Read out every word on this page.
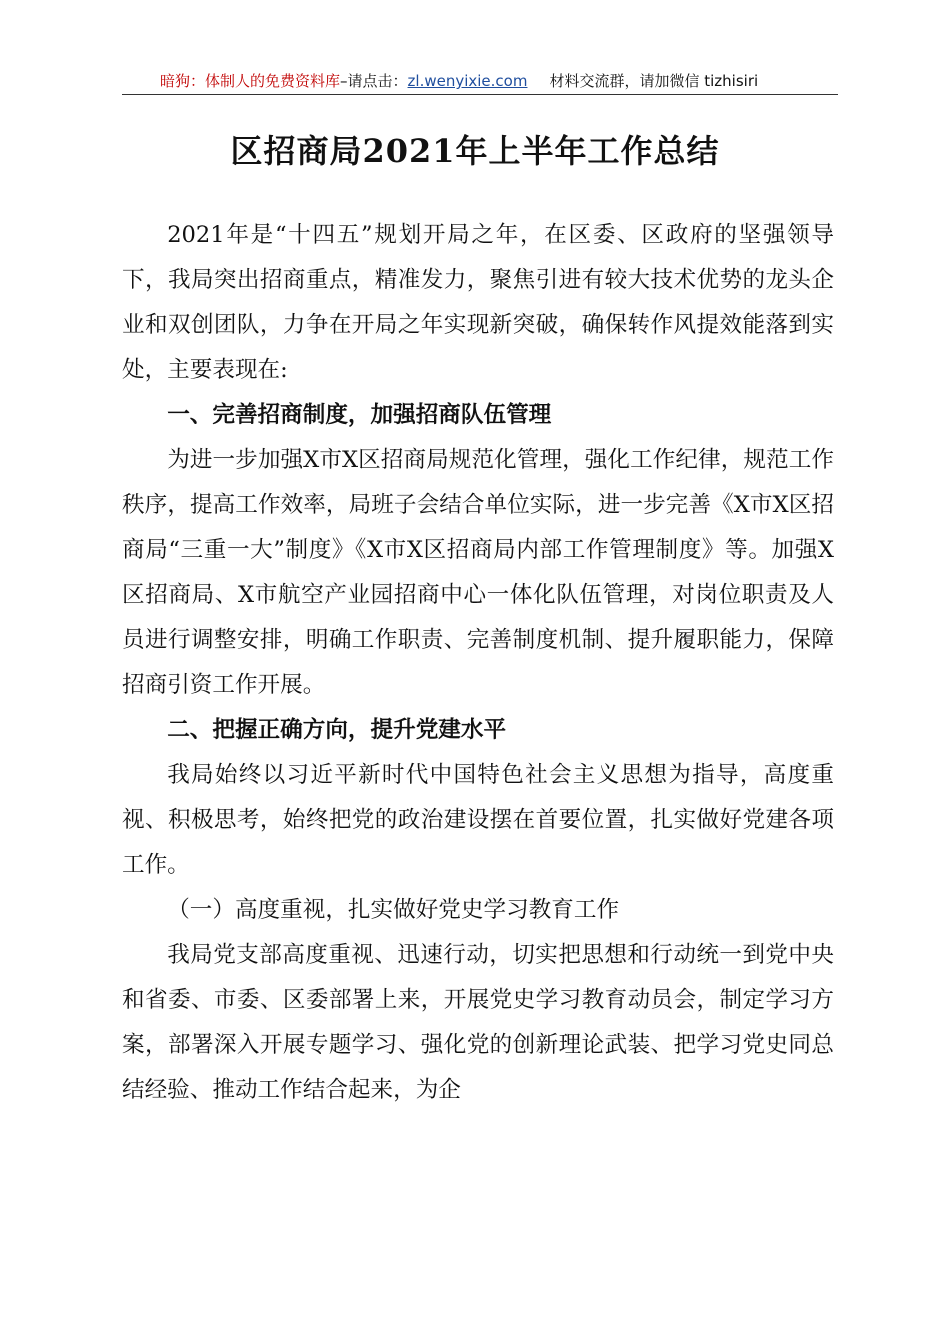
暗狗：体制人的免费资料库–请点击：zl.wenyixie.com 材料交流群，请加微信 tizhisiri
区招商局2021年上半年工作总结

2021年是“十四五”规划开局之年，在区委、区政府的坚强领导下，我局突出招商重点，精准发力，聚焦引进有较大技术优势的龙头企业和双创团队，力争在开局之年实现新突破，确保转作风提效能落到实处，主要表现在:

一、完善招商制度，加强招商队伍管理

为进一步加强X市X区招商局规范化管理，强化工作纪律，规范工作秩序，提高工作效率，局班子会结合单位实际，进一步完善《X市X区招商局“三重一大”制度》《X市X区招商局内部工作管理制度》等。加强X区招商局、X市航空产业园招商中心一体化队伍管理，对岗位职责及人员进行调整安排，明确工作职责、完善制度机制、提升履职能力，保障招商引资工作开展。

二、把握正确方向，提升党建水平

我局始终以习近平新时代中国特色社会主义思想为指导，高度重视、积极思考，始终把党的政治建设摆在首要位置，扎实做好党建各项工作。

（一）高度重视，扎实做好党史学习教育工作

我局党支部高度重视、迅速行动，切实把思想和行动统一到党中央和省委、市委、区委部署上来，开展党史学习教育动员会，制定学习方案，部署深入开展专题学习、强化党的创新理论武装、把学习党史同总结经验、推动工作结合起来，为企
